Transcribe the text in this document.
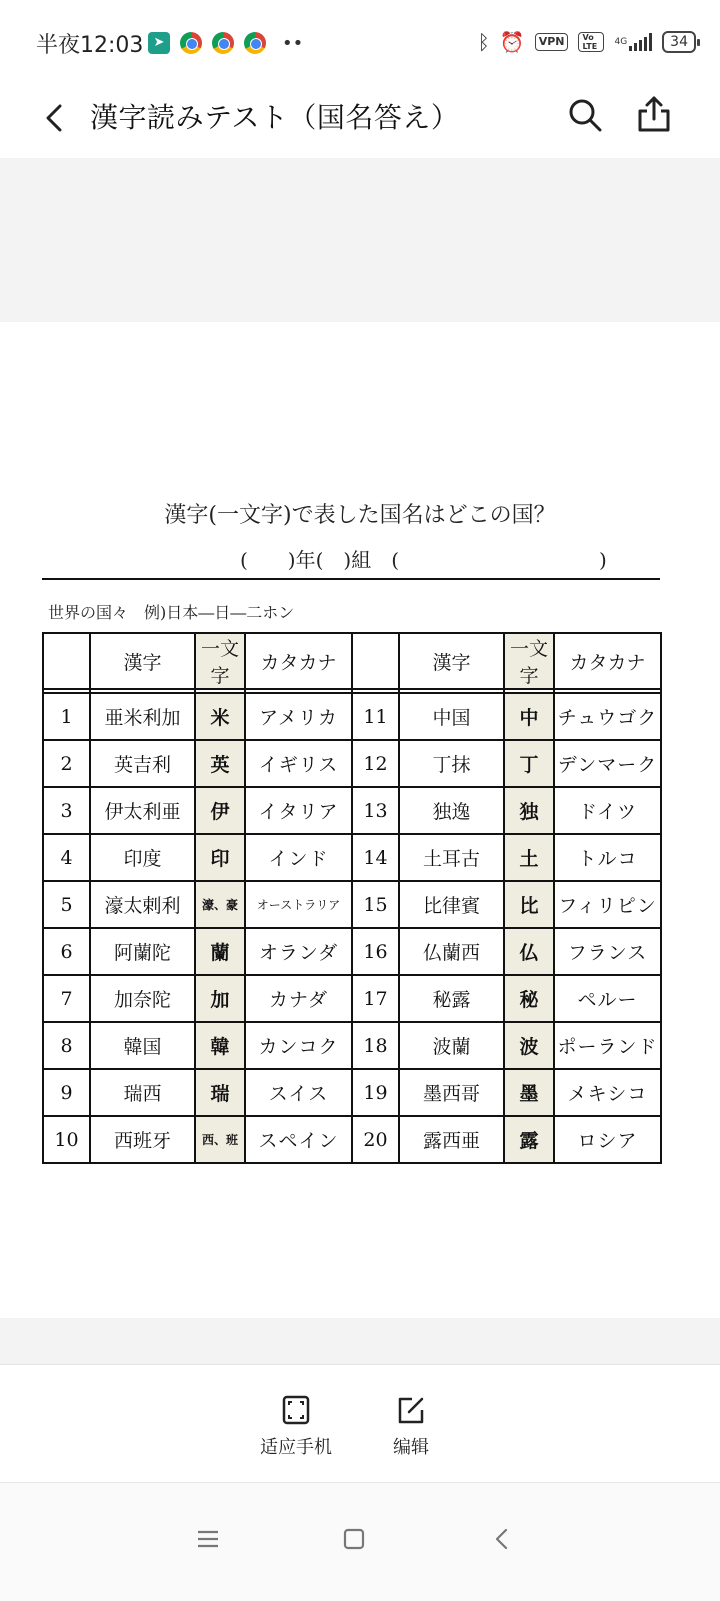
半夜12:03 ➤	••	ᛒ ⏰	VPN	Vo LTE	4G	34
漢字読みテスト（国名答え）
漢字(一文字)で表した国名はどこの国？
(　　)年(　)組　(　　　　　　　　　　)
世界の国々　例)日本―日―二ホン
	漢字	一文字	カタカナ		漢字	一文字	カタカナ

1	亜米利加	米	アメリカ	11	中国	中	チュウゴク
2	英吉利	英	イギリス	12	丁抹	丁	デンマーク
3	伊太利亜	伊	イタリア	13	独逸	独	ドイツ
4	印度	印	インド	14	土耳古	土	トルコ
5	濠太剌利	濠、豪	オーストラリア	15	比律賓	比	フィリピン
6	阿蘭陀	蘭	オランダ	16	仏蘭西	仏	フランス
7	加奈陀	加	カナダ	17	秘露	秘	ペルー
8	韓国	韓	カンコク	18	波蘭	波	ポーランド
9	瑞西	瑞	スイス	19	墨西哥	墨	メキシコ
10	西班牙	西、班	スペイン	20	露西亜	露	ロシア
适应手机	编辑
